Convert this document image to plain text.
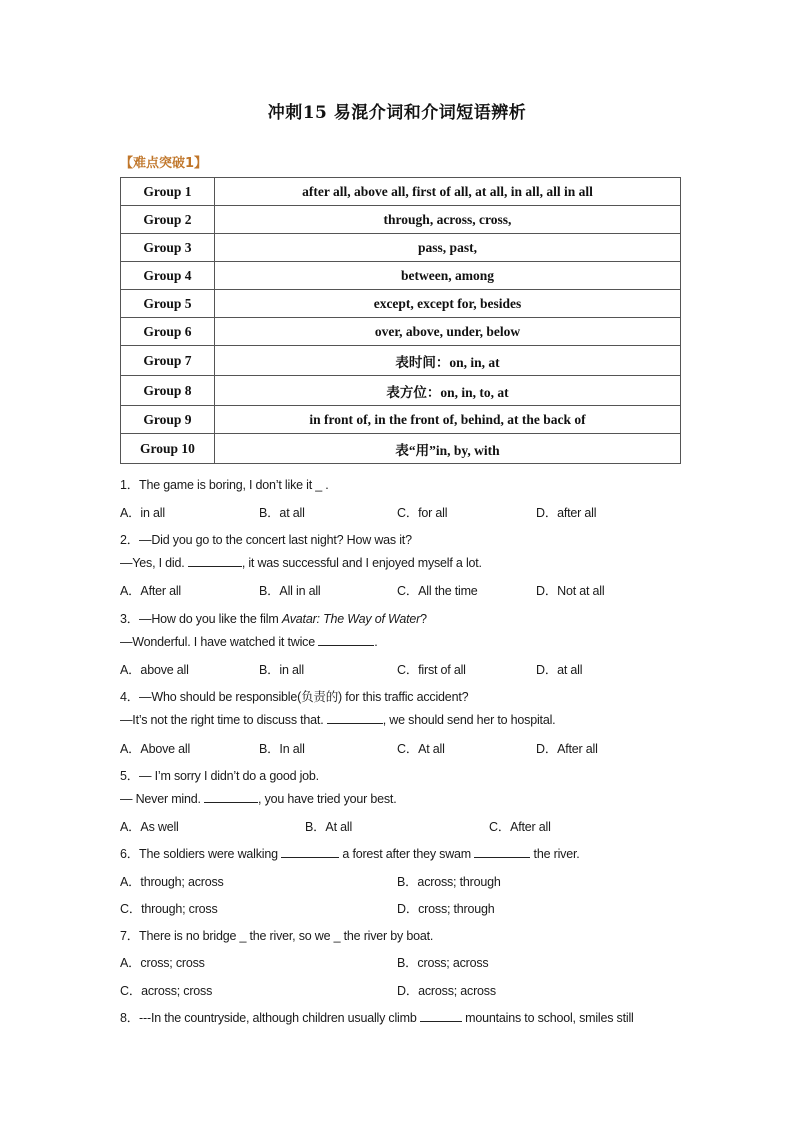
冲刺15 易混介词和介词短语辨析
【难点突破1】
Group 1	after all, above all, first of all, at all, in all, all in all
Group 2	through, across, cross,
Group 3	pass, past,
Group 4	between, among
Group 5	except, except for, besides
Group 6	over, above, under, below
Group 7	表时间：on, in, at
Group 8	表方位：on, in, to, at
Group 9	in front of, in the front of, behind, at the back of
Group 10	表“用”in, by, with
1．The game is boring, I don’t like it _ .
A．in all	B．at all	C．for all	D．after all
2．—Did you go to the concert last night? How was it?
—Yes, I did.	, it was successful and I enjoyed myself a lot.
A．After all	B．All in all	C．All the time	D．Not at all
3．—How do you like the film Avatar: The Way of Water?
—Wonderful. I have watched it twice	.
A．above all	B．in all	C．first of all	D．at all
4．—Who should be responsible(负责的) for this traffic accident?
—It’s not the right time to discuss that.	, we should send her to hospital.
A．Above all	B．In all	C．At all	D．After all
5．— I’m sorry I didn’t do a good job.
— Never mind.	, you have tried your best.
A．As well	B．At all	C．After all
6．The soldiers were walking	a forest after they swam	the river.
A．through; across	B．across; through
C．through; cross	D．cross; through
7．There is no bridge _ the river, so we _ the river by boat.
A．cross; cross	B．cross; across
C．across; cross	D．across; across
8．---In the countryside, although children usually climb	mountains to school, smiles still
